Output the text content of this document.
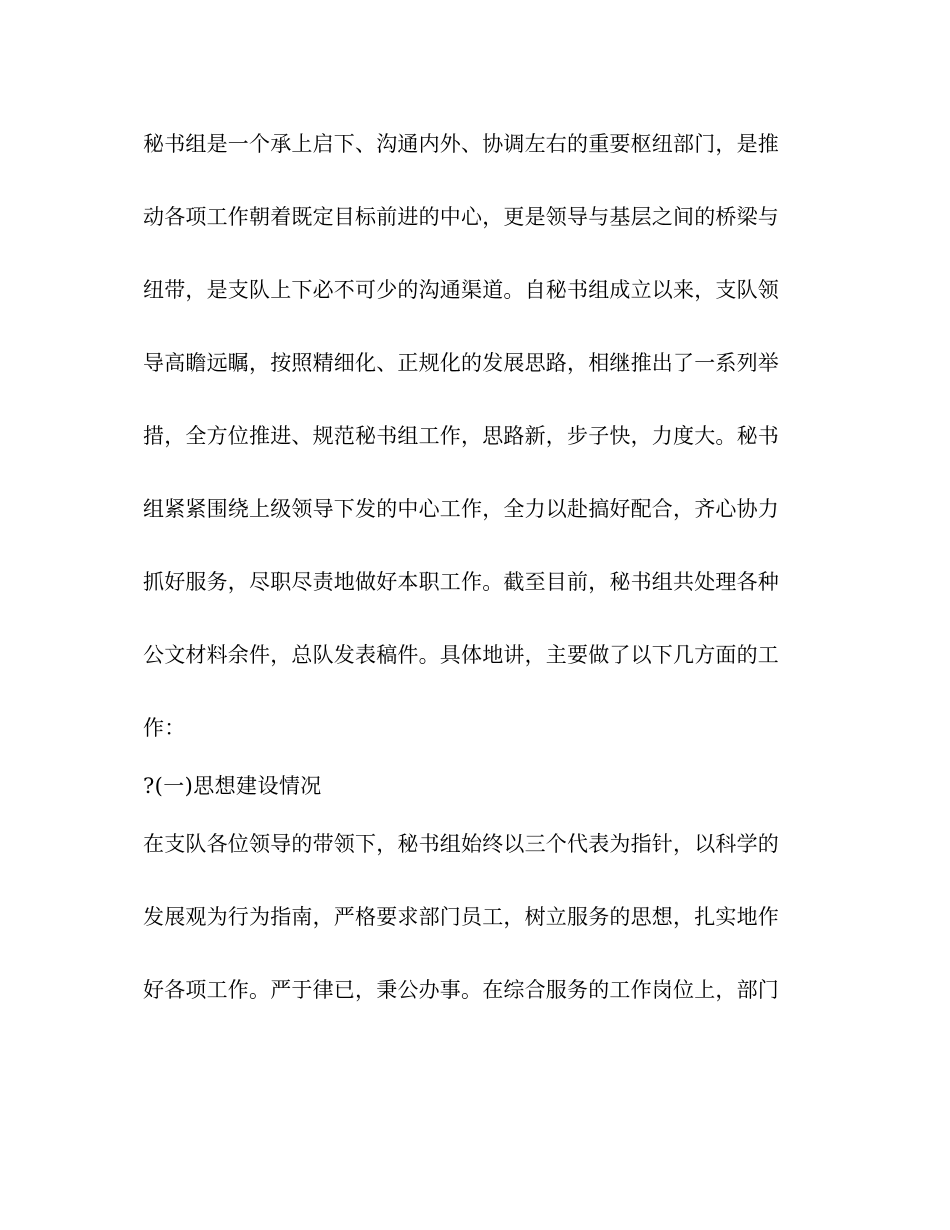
秘书组是一个承上启下、沟通内外、协调左右的重要枢纽部门，是推
动各项工作朝着既定目标前进的中心，更是领导与基层之间的桥梁与
纽带，是支队上下必不可少的沟通渠道。自秘书组成立以来，支队领
导高瞻远瞩，按照精细化、正规化的发展思路，相继推出了一系列举
措，全方位推进、规范秘书组工作，思路新，步子快，力度大。秘书
组紧紧围绕上级领导下发的中心工作，全力以赴搞好配合，齐心协力
抓好服务，尽职尽责地做好本职工作。截至目前，秘书组共处理各种
公文材料余件，总队发表稿件。具体地讲，主要做了以下几方面的工
作：
?(一)思想建设情况
在支队各位领导的带领下，秘书组始终以三个代表为指针，以科学的
发展观为行为指南，严格要求部门员工，树立服务的思想，扎实地作
好各项工作。严于律已，秉公办事。在综合服务的工作岗位上，部门
